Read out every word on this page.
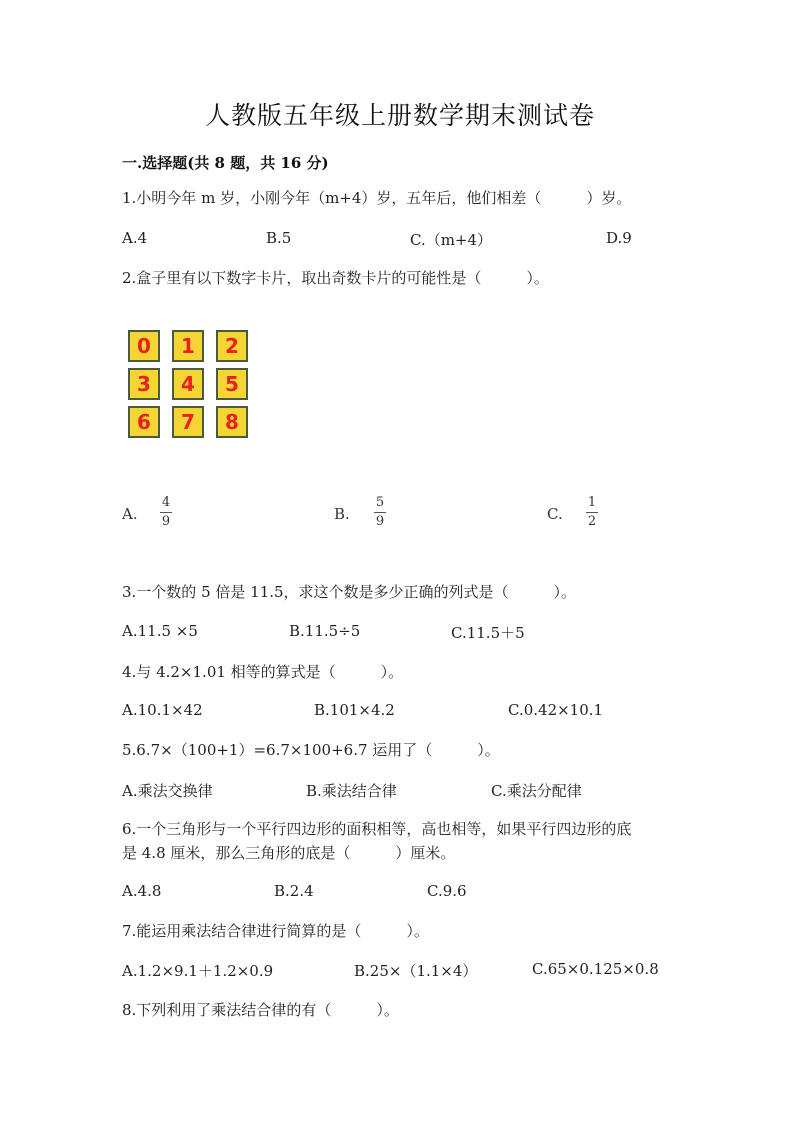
人教版五年级上册数学期末测试卷
一.选择题(共 8 题，共 16 分)
1.小明今年 m 岁，小刚今年（m+4）岁，五年后，他们相差（　　　）岁。
A.4	B.5	C.（m+4）	D.9
2.盒子里有以下数字卡片，取出奇数卡片的可能性是（　　　）。
0	1	2
3	4	5
6	7	8
A.
4
9	B.
5
9	C.
1
2
3.一个数的 5 倍是 11.5，求这个数是多少正确的列式是（　　　）。
A.11.5 ×5	B.11.5÷5	C.11.5＋5
4.与 4.2×1.01 相等的算式是（　　　）。
A.10.1×42	B.101×4.2	C.0.42×10.1
5.6.7×（100+1）=6.7×100+6.7 运用了（　　　）。
A.乘法交换律	B.乘法结合律	C.乘法分配律
6.一个三角形与一个平行四边形的面积相等，高也相等，如果平行四边形的底
是 4.8 厘米，那么三角形的底是（　　　）厘米。
A.4.8	B.2.4	C.9.6
7.能运用乘法结合律进行简算的是（　　　）。
A.1.2×9.1＋1.2×0.9	B.25×（1.1×4）	C.65×0.125×0.8
8.下列利用了乘法结合律的有（　　　）。
